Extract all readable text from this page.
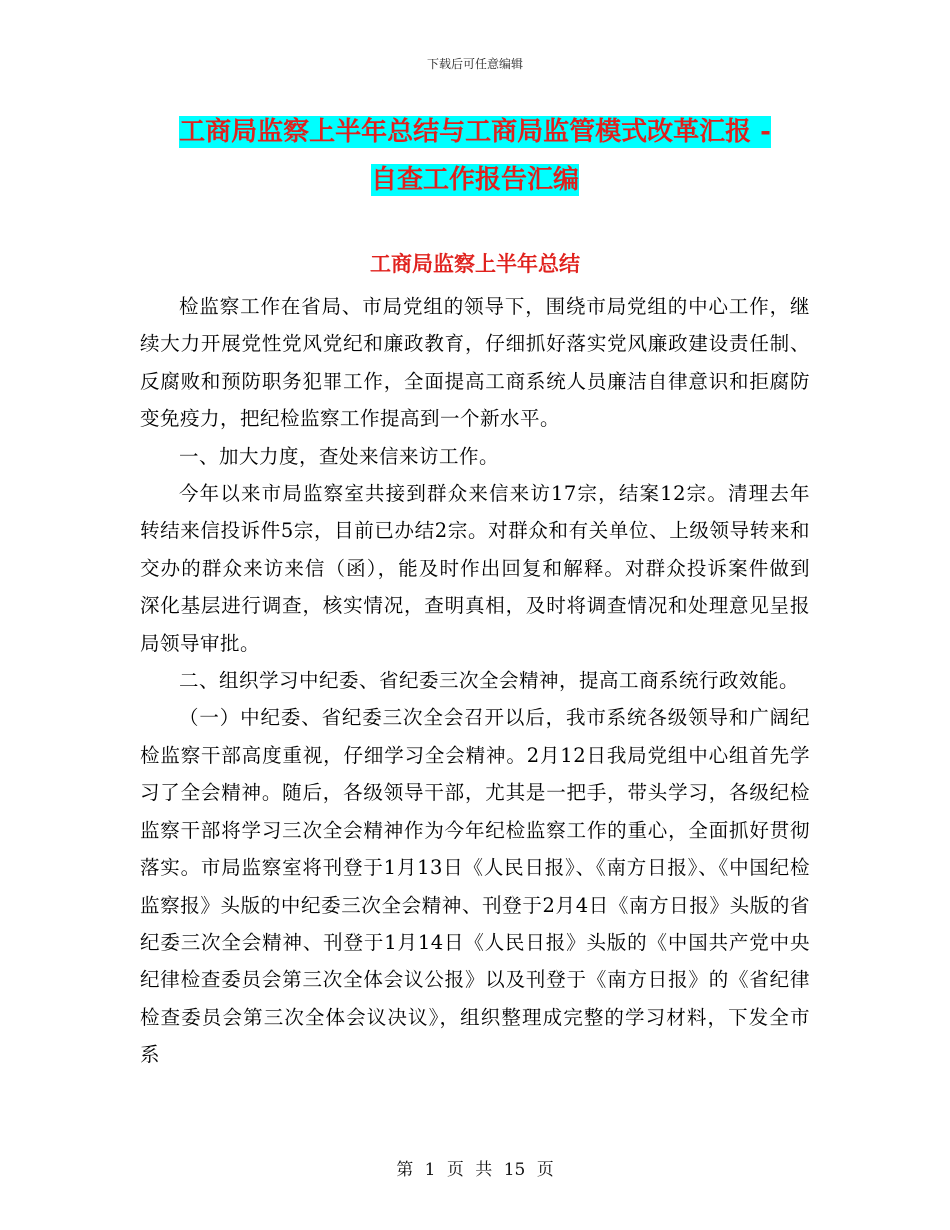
下载后可任意编辑
工商局监察上半年总结与工商局监管模式改革汇报 -
自查工作报告汇编
工商局监察上半年总结

检监察工作在省局、市局党组的领导下，围绕市局党组的中心工作，继续大力开展党性党风党纪和廉政教育，仔细抓好落实党风廉政建设责任制、反腐败和预防职务犯罪工作，全面提高工商系统人员廉洁自律意识和拒腐防变免疫力，把纪检监察工作提高到一个新水平。

一、加大力度，查处来信来访工作。

今年以来市局监察室共接到群众来信来访17宗，结案12宗。清理去年转结来信投诉件5宗，目前已办结2宗。对群众和有关单位、上级领导转来和交办的群众来访来信（函），能及时作出回复和解释。对群众投诉案件做到深化基层进行调查，核实情况，查明真相，及时将调查情况和处理意见呈报局领导审批。

二、组织学习中纪委、省纪委三次全会精神，提高工商系统行政效能。

（一）中纪委、省纪委三次全会召开以后，我市系统各级领导和广阔纪检监察干部高度重视，仔细学习全会精神。2月12日我局党组中心组首先学习了全会精神。随后，各级领导干部，尤其是一把手，带头学习，各级纪检监察干部将学习三次全会精神作为今年纪检监察工作的重心，全面抓好贯彻落实。市局监察室将刊登于1月13日《人民日报》、《南方日报》、《中国纪检监察报》头版的中纪委三次全会精神、刊登于2月4日《南方日报》头版的省纪委三次全会精神、刊登于1月14日《人民日报》头版的《中国共产党中央纪律检查委员会第三次全体会议公报》以及刊登于《南方日报》的《省纪律检查委员会第三次全体会议决议》，组织整理成完整的学习材料，下发全市系

第 1 页 共 15 页
